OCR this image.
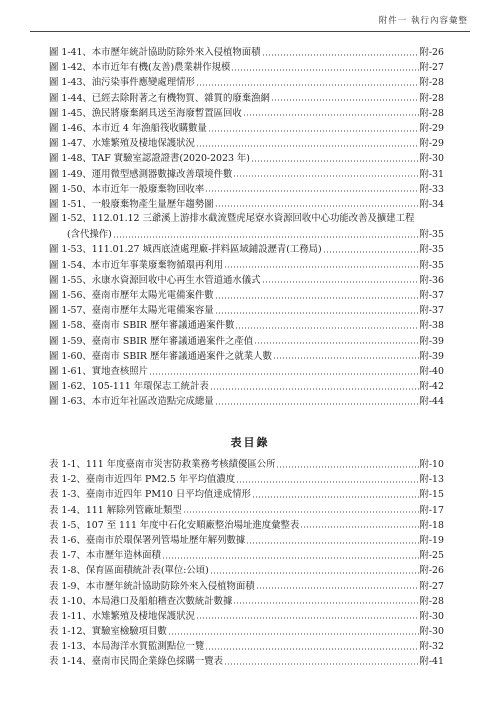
附件一 執行內容彙整
圖 1-41、本市歷年統計協助防除外來入侵植物面積	附-26
圖 1-42、本市近年有機(友善)農業耕作規模	附-27
圖 1-43、油污染事件應變處理情形	附-28
圖 1-44、已經去除附著之有機物質、雜質的廢棄漁網	附-28
圖 1-45、漁民將廢棄網具送至海廢暫置區回收	附-28
圖 1-46、本市近 4 年漁船筏收購數量	附-29
圖 1-47、水雉繁殖及棲地保護狀況	附-29
圖 1-48、TAF 實驗室認證證書(2020-2023 年)	附-30
圖 1-49、運用微型感測器數據改善環境件數	附-31
圖 1-50、本市近年一般廢棄物回收率	附-33
圖 1-51、一般廢棄物產生量歷年趨勢圖	附-34
圖 1-52、112.01.12 三爺溪上游排水截流暨虎尾寮水資源回收中心功能改善及擴建工程
(含代操作)	附-35
圖 1-53、111.01.27 城西底渣處理廠-拌料區域鋪設瀝青(工務局)	附-35
圖 1-54、本市近年事業廢棄物循環再利用	附-35
圖 1-55、永康水資源回收中心再生水管道通水儀式	附-36
圖 1-56、臺南市歷年太陽光電備案件數	附-37
圖 1-57、臺南市歷年太陽光電備案容量	附-37
圖 1-58、臺南市 SBIR 歷年審議通過案件數	附-38
圖 1-59、臺南市 SBIR 歷年審議通過案件之產值	附-39
圖 1-60、臺南市 SBIR 歷年審議通過案件之就業人數	附-39
圖 1-61、實地查核照片	附-40
圖 1-62、105-111 年環保志工統計表	附-42
圖 1-63、本市近年社區改造點完成總量	附-44
表目錄
表 1-1、111 年度臺南市災害防救業務考核績優區公所	附-10
表 1-2、臺南市近四年 PM2.5 年平均值濃度	附-13
表 1-3、臺南市近四年 PM10 日平均值達成情形	附-15
表 1-4、111 解除列管廠址類型	附-17
表 1-5、107 至 111 年度中石化安順廠整治場址進度彙整表	附-18
表 1-6、臺南市於環保署列管場址歷年解列數據	附-19
表 1-7、本市歷年造林面積	附-25
表 1-8、保育區面積統計表(單位:公頃)	附-26
表 1-9、本市歷年統計協助防除外來入侵植物面積	附-27
表 1-10、本局港口及船舶稽查次數統計數據	附-28
表 1-11、水雉繁殖及棲地保護狀況	附-30
表 1-12、實驗室檢驗項目數	附-30
表 1-13、本局海洋水質監測點位一覽	附-32
表 1-14、臺南市民間企業綠色採購一覽表	附-41
